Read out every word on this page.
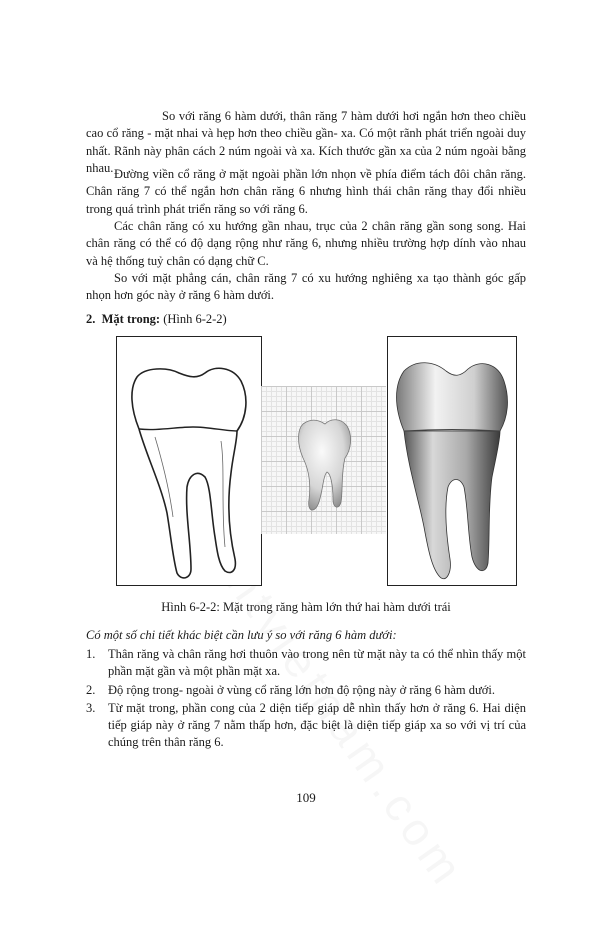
So với răng 6 hàm dưới, thân răng 7 hàm dưới hơi ngắn hơn theo chiều cao cổ răng - mặt nhai và hẹp hơn theo chiều gần- xa. Có một rãnh phát triển ngoài duy nhất. Rãnh này phân cách 2 núm ngoài và xa. Kích thước gần xa của 2 núm ngoài bằng nhau. Đường viền cổ răng ở mặt ngoài phần lớn nhọn về phía điểm tách đôi chân răng. Chân răng 7 có thể ngắn hơn chân răng 6 nhưng hình thái chân răng thay đổi nhiều trong quá trình phát triển răng so với răng 6.

Các chân răng có xu hướng gần nhau, trục của 2 chân răng gần song song. Hai chân răng có thể có độ dạng rộng như răng 6, nhưng nhiều trường hợp dính vào nhau và hệ thống tuỷ chân có dạng chữ C.

So với mặt phẳng cán, chân răng 7 có xu hướng nghiêng xa tạo thành góc gấp nhọn hơn góc này ở răng 6 hàm dưới.

2. Mặt trong: (Hình 6-2-2)

Hình 6-2-2: Mặt trong răng hàm lớn thứ hai hàm dưới trái

Có một số chi tiết khác biệt cần lưu ý so với răng 6 hàm dưới:

1. Thân răng và chân răng hơi thuôn vào trong nên từ mặt này ta có thể nhìn thấy một phần mặt gần và một phần mặt xa.
2. Độ rộng trong- ngoài ở vùng cổ răng lớn hơn độ rộng này ở răng 6 hàm dưới.
3. Từ mặt trong, phần cong của 2 diện tiếp giáp dễ nhìn thấy hơn ở răng 6. Hai diện tiếp giáp này ở răng 7 nằm thấp hơn, đặc biệt là diện tiếp giáp xa so với vị trí của chúng trên thân răng 6.

109
